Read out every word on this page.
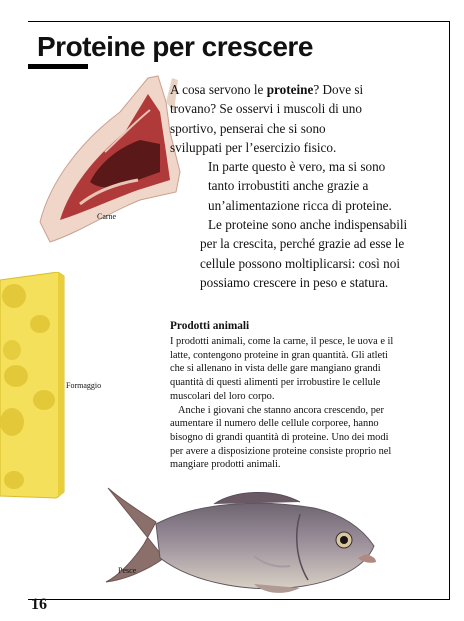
Proteine per crescere
Carne
A cosa servono le proteine? Dove si
trovano? Se osservi i muscoli di uno
sportivo, penserai che si sono
sviluppati per l’esercizio fisico.
In parte questo è vero, ma si sono
tanto irrobustiti anche grazie a
un’alimentazione ricca di proteine.
Le proteine sono anche indispensabili
per la crescita, perché grazie ad esse le
cellule possono moltiplicarsi: così noi
possiamo crescere in peso e statura.
Formaggio
Prodotti animali
I prodotti animali, come la carne, il pesce, le uova e il
latte, contengono proteine in gran quantità. Gli atleti
che si allenano in vista delle gare mangiano grandi
quantità di questi alimenti per irrobustire le cellule
muscolari del loro corpo.
Anche i giovani che stanno ancora crescendo, per
aumentare il numero delle cellule corporee, hanno
bisogno di grandi quantità di proteine. Uno dei modi
per avere a disposizione proteine consiste proprio nel
mangiare prodotti animali.
Pesce
16
